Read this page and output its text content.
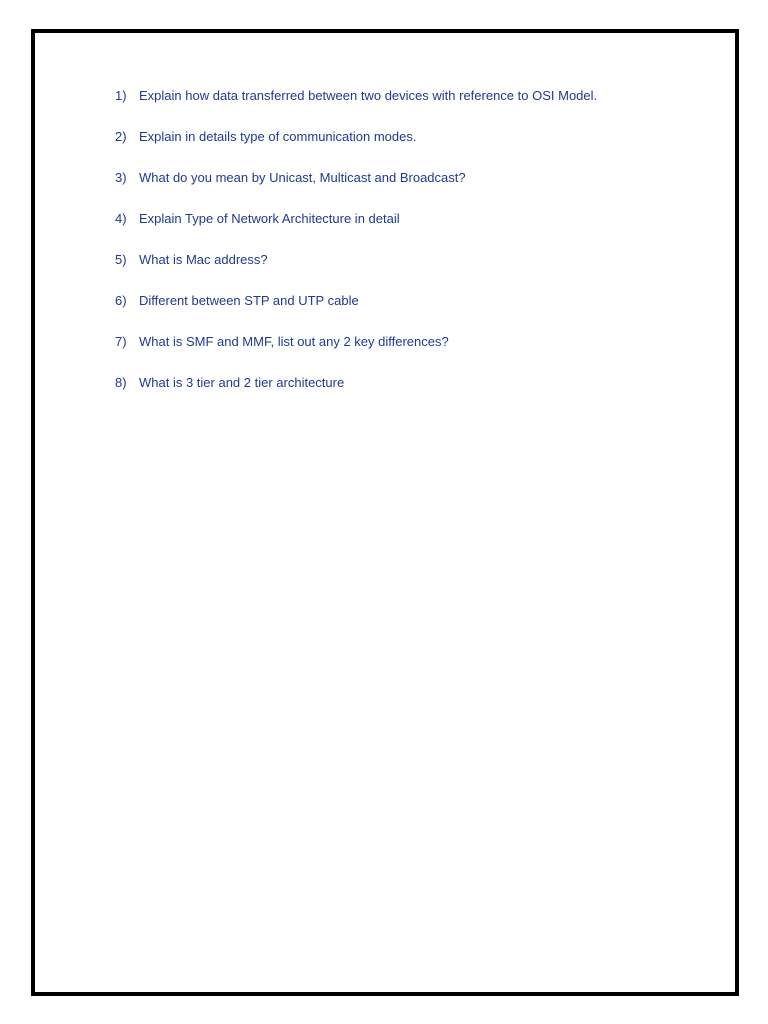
1) Explain how data transferred between two devices with reference to OSI Model.
2) Explain in details type of communication modes.
3) What do you mean by Unicast, Multicast and Broadcast?
4) Explain Type of Network Architecture in detail
5) What is Mac address?
6) Different between STP and UTP cable
7) What is SMF and MMF, list out any 2 key differences?
8) What is 3 tier and 2 tier architecture
